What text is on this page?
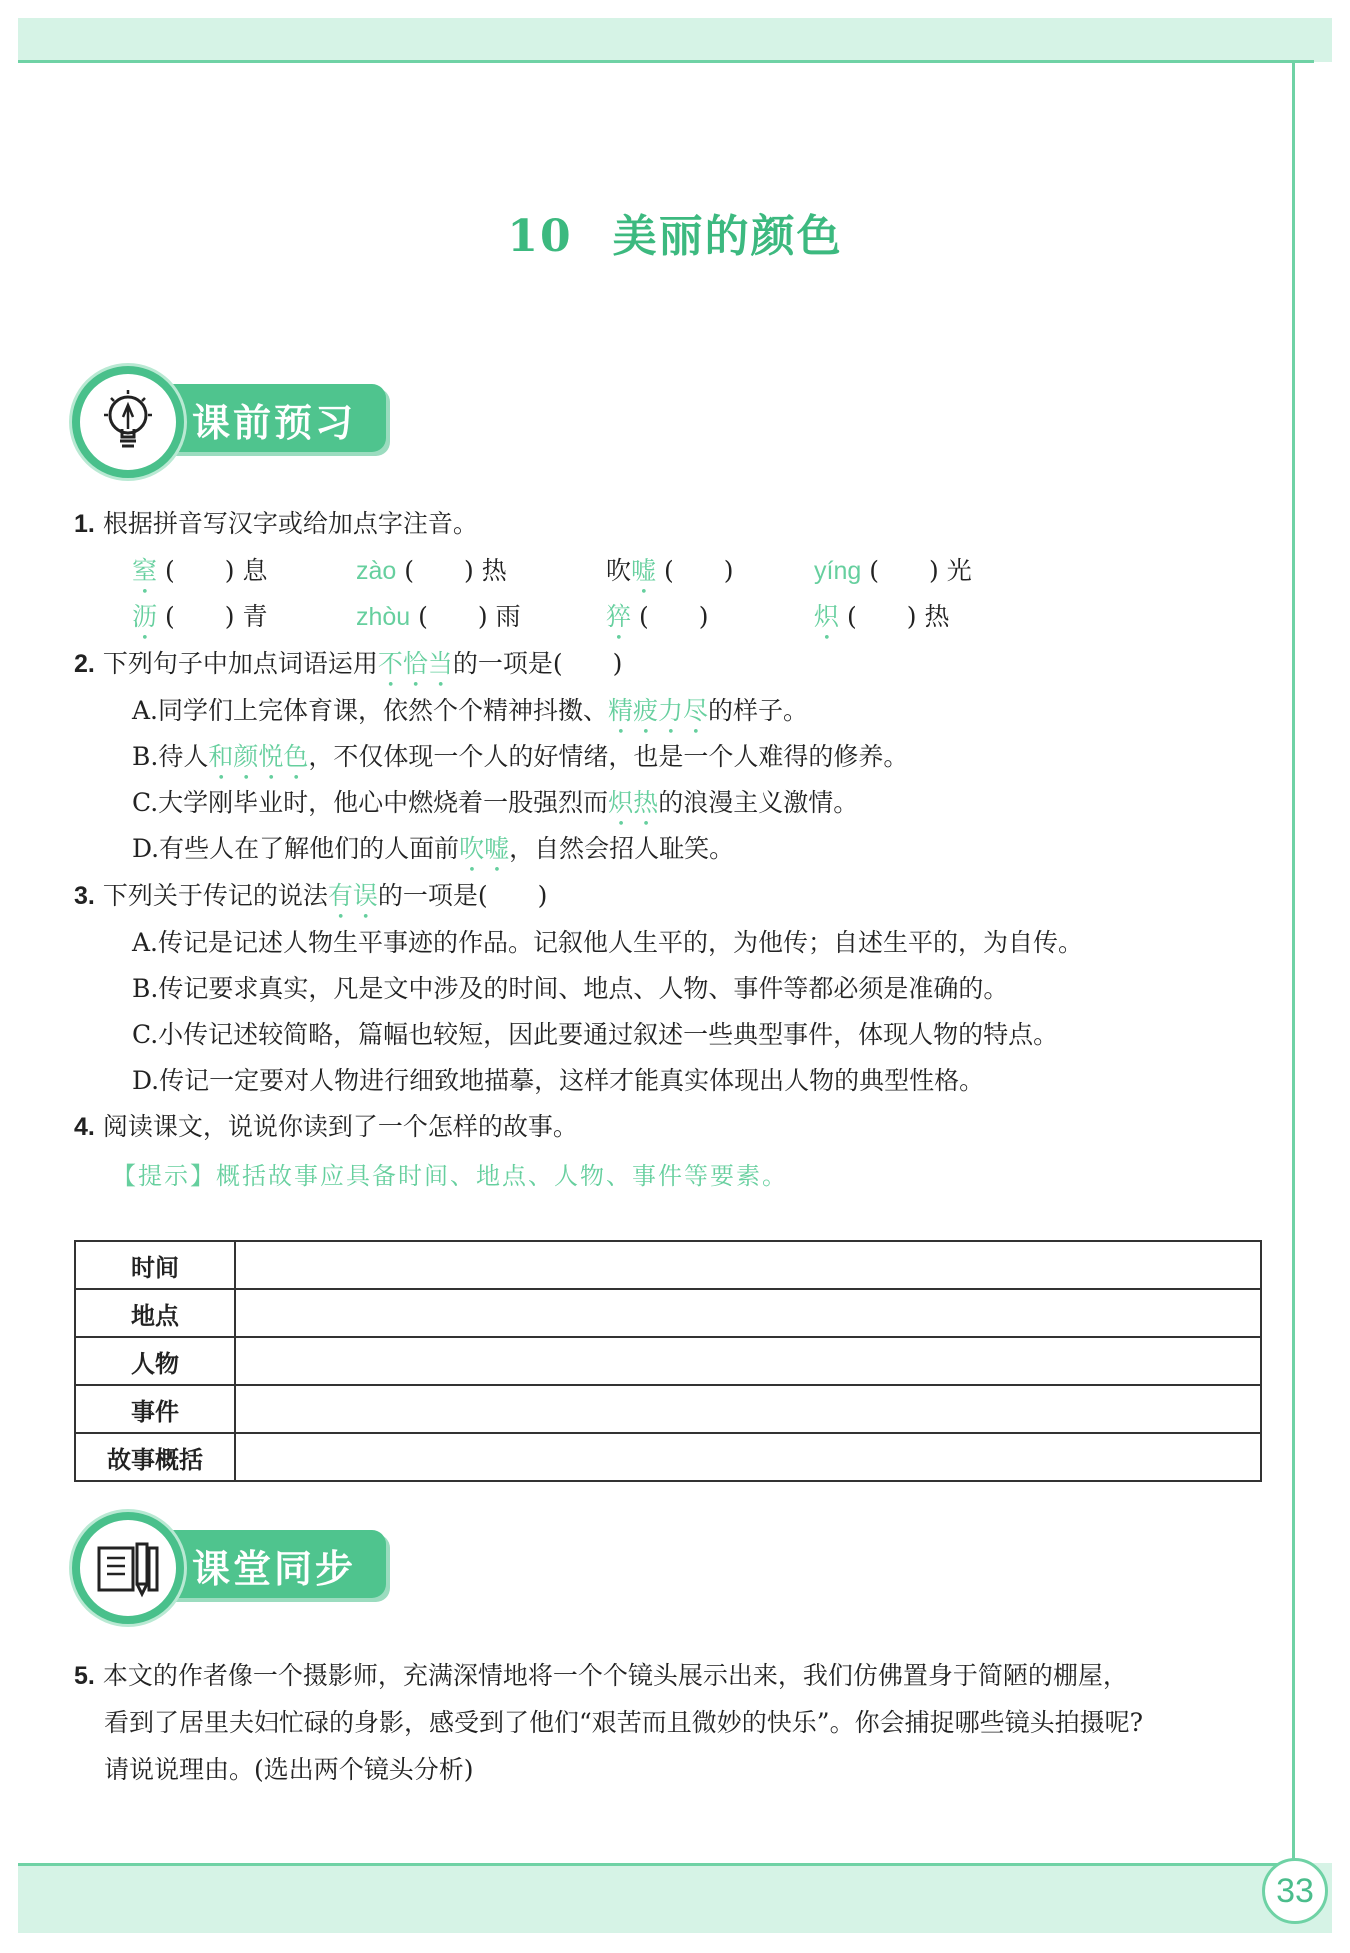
33
10 美丽的颜色
课前预习
1. 根据拼音写汉字或给加点字注音。
窒 (　　) 息	zào (　　) 热	吹嘘 (　　)	yíng (　　) 光
沥 (　　) 青	zhòu (　　) 雨	猝 (　　)	炽 (　　) 热
2. 下列句子中加点词语运用不恰当的一项是(　　)
A.同学们上完体育课，依然个个精神抖擞、精疲力尽的样子。
B.待人和颜悦色，不仅体现一个人的好情绪，也是一个人难得的修养。
C.大学刚毕业时，他心中燃烧着一股强烈而炽热的浪漫主义激情。
D.有些人在了解他们的人面前吹嘘，自然会招人耻笑。
3. 下列关于传记的说法有误的一项是(　　)
A.传记是记述人物生平事迹的作品。记叙他人生平的，为他传；自述生平的，为自传。
B.传记要求真实，凡是文中涉及的时间、地点、人物、事件等都必须是准确的。
C.小传记述较简略，篇幅也较短，因此要通过叙述一些典型事件，体现人物的特点。
D.传记一定要对人物进行细致地描摹，这样才能真实体现出人物的典型性格。
4. 阅读课文，说说你读到了一个怎样的故事。
【提示】概括故事应具备时间、地点、人物、事件等要素。
时间	
地点	
人物	
事件	
故事概括	
课堂同步
5. 本文的作者像一个摄影师，充满深情地将一个个镜头展示出来，我们仿佛置身于简陋的棚屋，
看到了居里夫妇忙碌的身影，感受到了他们“艰苦而且微妙的快乐”。你会捕捉哪些镜头拍摄呢?
请说说理由。(选出两个镜头分析)
